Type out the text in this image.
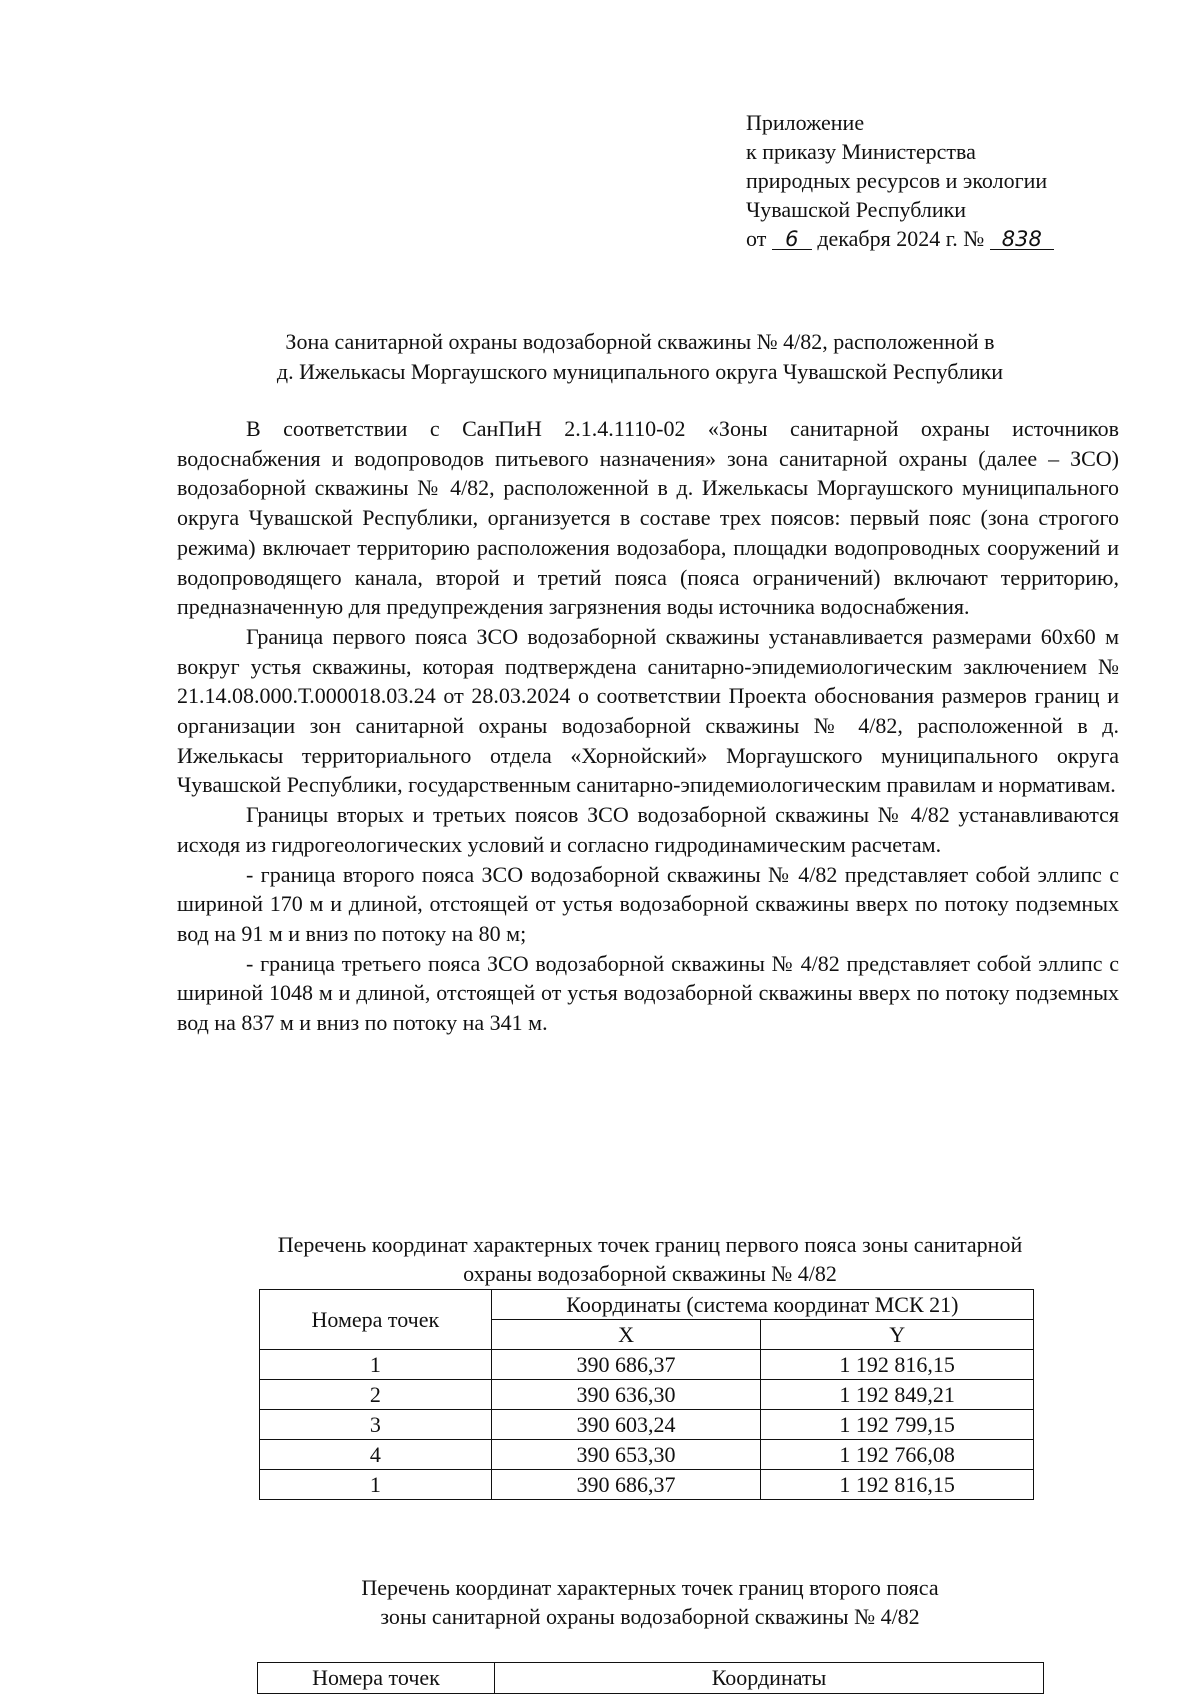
Приложение
к приказу Министерства
природных ресурсов и экологии
Чувашской Республики
от 6 декабря 2024 г. № 838
Зона санитарной охраны водозаборной скважины № 4/82, расположенной в
д. Ижелькасы Моргаушского муниципального округа Чувашской Республики

В соответствии с СанПиН 2.1.4.1110-02 «Зоны санитарной охраны источников водоснабжения и водопроводов питьевого назначения» зона санитарной охраны (далее – ЗСО) водозаборной скважины № 4/82, расположенной в д. Ижелькасы Моргаушского муниципального округа Чувашской Республики, организуется в составе трех поясов: первый пояс (зона строгого режима) включает территорию расположения водозабора, площадки водопроводных сооружений и водопроводящего канала, второй и третий пояса (пояса ограничений) включают территорию, предназначенную для предупреждения загрязнения воды источника водоснабжения.

Граница первого пояса ЗСО водозаборной скважины устанавливается размерами 60х60 м вокруг устья скважины, которая подтверждена санитарно-эпидемиологическим заключением № 21.14.08.000.Т.000018.03.24 от 28.03.2024 о соответствии Проекта обоснования размеров границ и организации зон санитарной охраны водозаборной скважины № 4/82, расположенной в д. Ижелькасы территориального отдела «Хорнойский» Моргаушского муниципального округа Чувашской Республики, государственным санитарно-эпидемиологическим правилам и нормативам.

Границы вторых и третьих поясов ЗСО водозаборной скважины № 4/82 устанавливаются исходя из гидрогеологических условий и согласно гидродинамическим расчетам.

- граница второго пояса ЗСО водозаборной скважины № 4/82 представляет собой эллипс с шириной 170 м и длиной, отстоящей от устья водозаборной скважины вверх по потоку подземных вод на 91 м и вниз по потоку на 80 м;

- граница третьего пояса ЗСО водозаборной скважины № 4/82 представляет собой эллипс с шириной 1048 м и длиной, отстоящей от устья водозаборной скважины вверх по потоку подземных вод на 837 м и вниз по потоку на 341 м.

Перечень координат характерных точек границ первого пояса зоны санитарной
охраны водозаборной скважины № 4/82
Номера точек	Координаты (система координат МСК 21)	
	X	Y
1	390 686,37	1 192 816,15
2	390 636,30	1 192 849,21
3	390 603,24	1 192 799,15
4	390 653,30	1 192 766,08
1	390 686,37	1 192 816,15
Перечень координат характерных точек границ второго пояса
зоны санитарной охраны водозаборной скважины № 4/82
Номера точек	Координаты
